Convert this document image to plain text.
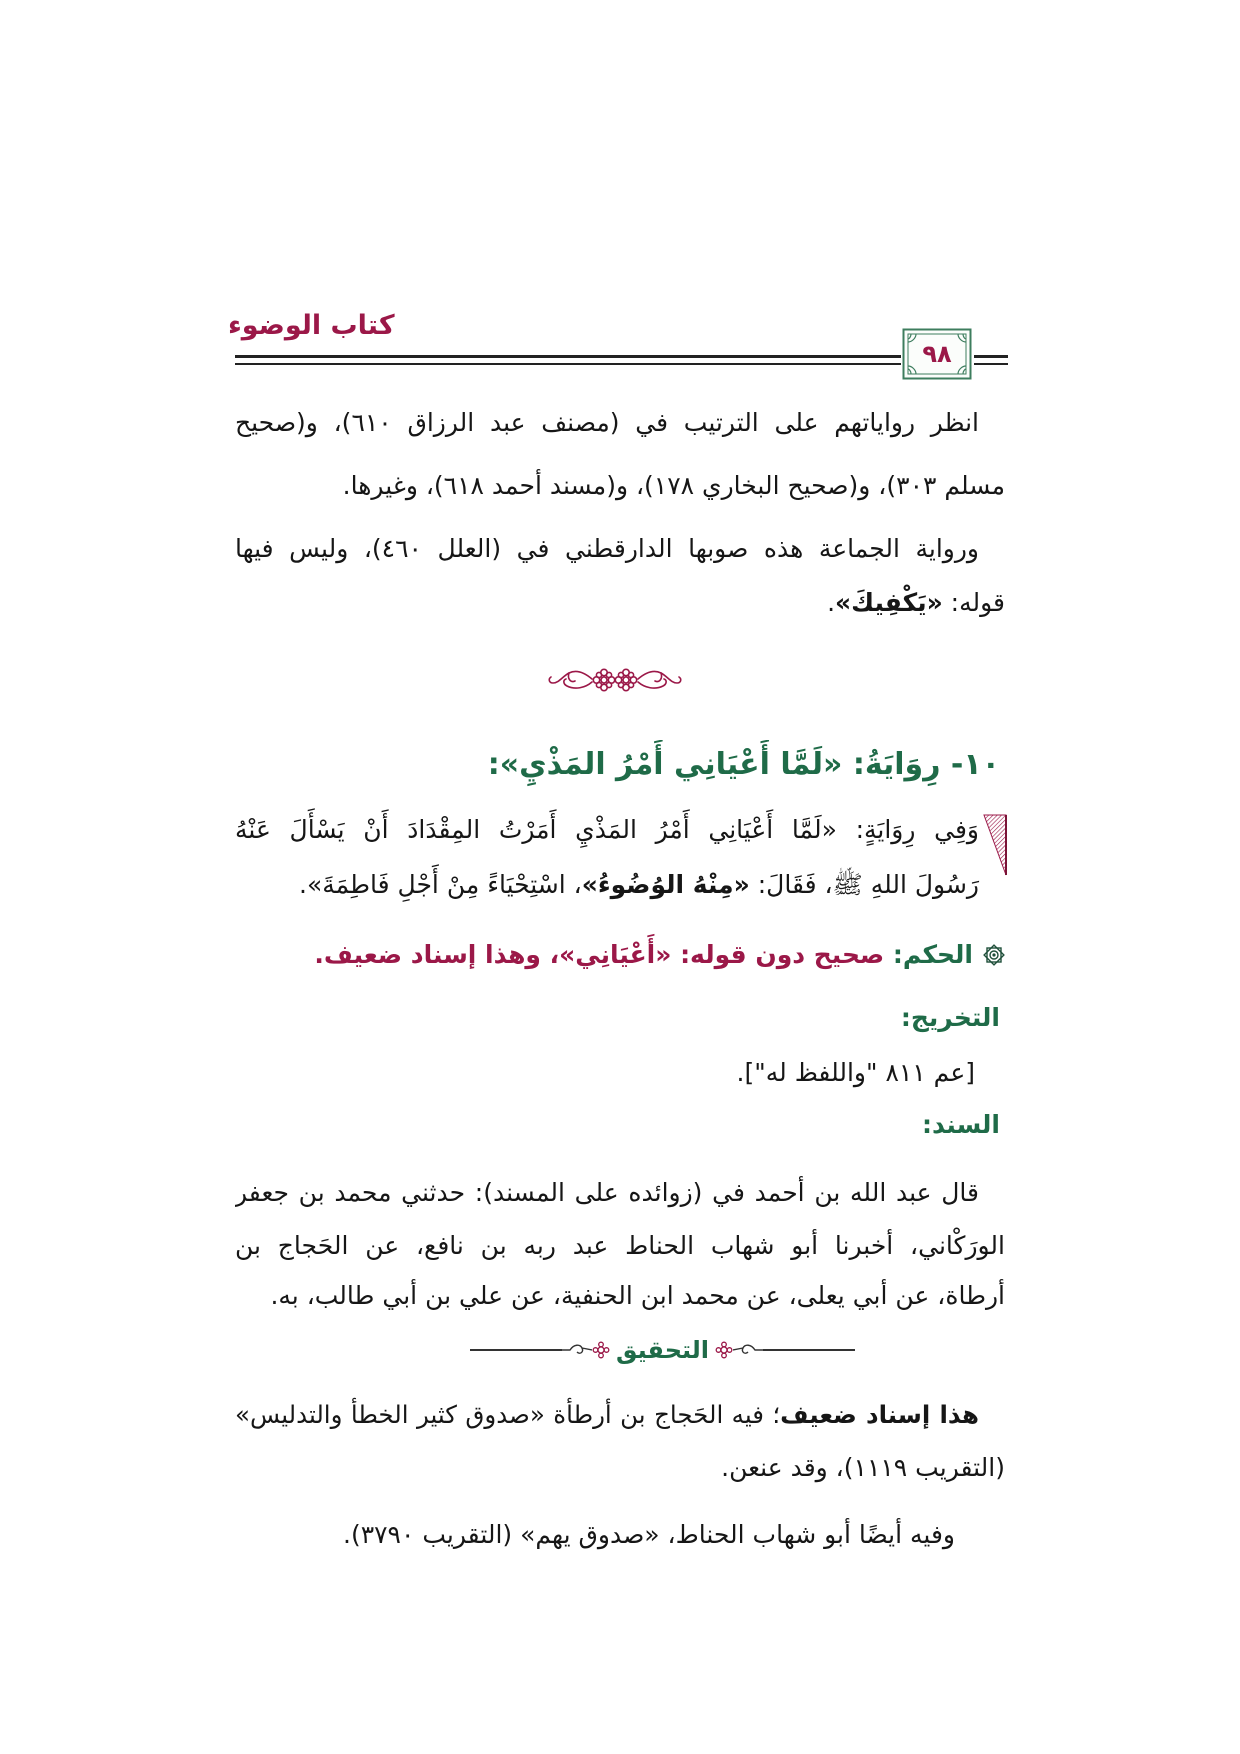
كتاب الوضوء
٩٨
انظر رواياتهم على الترتيب في (مصنف عبد الرزاق ٦١٠)، و(صحيح
مسلم ٣٠٣)، و(صحيح البخاري ١٧٨)، و(مسند أحمد ٦١٨)، وغيرها.
ورواية الجماعة هذه صوبها الدارقطني في (العلل ٤٦٠)، وليس فيها
قوله: «يَكْفِيكَ».
١٠- رِوَايَةُ: «لَمَّا أَعْيَانِي أَمْرُ المَذْيِ»:
وَفِي رِوَايَةٍ: «لَمَّا أَعْيَانِي أَمْرُ المَذْيِ أَمَرْتُ المِقْدَادَ أَنْ يَسْأَلَ عَنْهُ
رَسُولَ اللهِ ﷺ، فَقَالَ: «مِنْهُ الوُضُوءُ»، اسْتِحْيَاءً مِنْ أَجْلِ فَاطِمَةَ».
الحكم: صحيح دون قوله: «أَعْيَانِي»، وهذا إسناد ضعيف.
التخريج:
[عم ٨١١ "واللفظ له"].
السند:
قال عبد الله بن أحمد في (زوائده على المسند): حدثني محمد بن جعفر
الورَكْاني، أخبرنا أبو شهاب الحناط عبد ربه بن نافع، عن الحَجاج بن
أرطاة، عن أبي يعلى، عن محمد ابن الحنفية، عن علي بن أبي طالب، به.
التحقيق
هذا إسناد ضعيف؛ فيه الحَجاج بن أرطأة «صدوق كثير الخطأ والتدليس»
(التقريب ١١١٩)، وقد عنعن.
وفيه أيضًا أبو شهاب الحناط، «صدوق يهم» (التقريب ٣٧٩٠).
